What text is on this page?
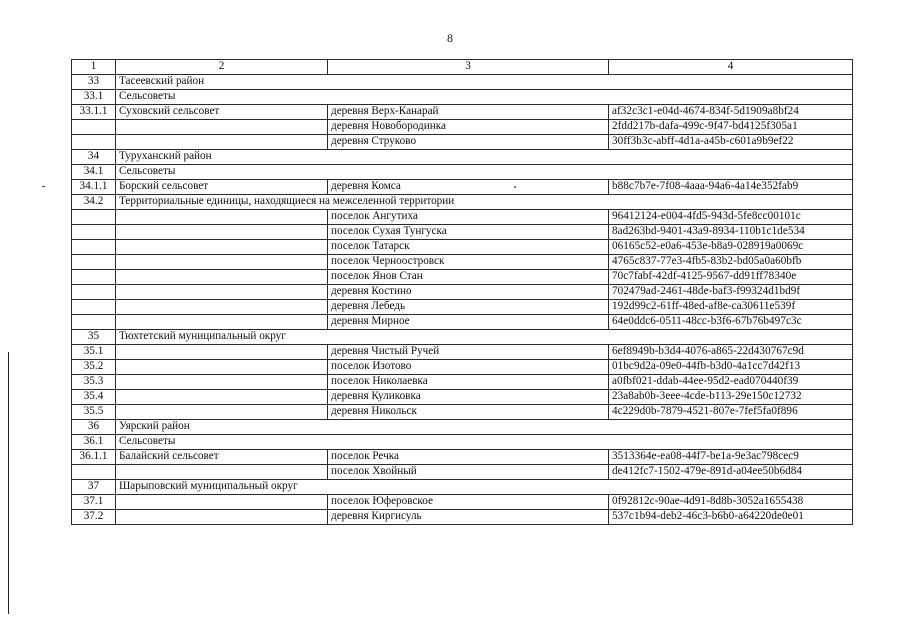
8
1	2	3	4
33	Тасеевский район		
33.1	Сельсоветы		
33.1.1	Суховский сельсовет	деревня Верх-Канарай	af32c3c1-e04d-4674-834f-5d1909a8bf24
		деревня Новобородинка	2fdd217b-dafa-499c-9f47-bd4125f305a1
		деревня Струково	30ff3b3c-abff-4d1a-a45b-c601a9b9ef22
34	Туруханский район		
34.1	Сельсоветы		
34.1.1	Борский сельсовет	деревня Комса	b88c7b7e-7f08-4aaa-94a6-4a14e352fab9
34.2	Территориальные единицы, находящиеся на межселенной территории		
		поселок Ангутиха	96412124-e004-4fd5-943d-5fe8cc00101c
		поселок Сухая Тунгуска	8ad263bd-9401-43a9-8934-110b1c1de534
		поселок Татарск	06165c52-e0a6-453e-b8a9-028919a0069c
		поселок Черноостровск	4765c837-77e3-4fb5-83b2-bd05a0a60bfb
		поселок Янов Стан	70c7fabf-42df-4125-9567-dd91ff78340e
		деревня Костино	702479ad-2461-48de-baf3-f99324d1bd9f
		деревня Лебедь	192d99c2-61ff-48ed-af8e-ca30611e539f
		деревня Мирное	64e0ddc6-0511-48cc-b3f6-67b76b497c3c
35	Тюхтетский муниципальный округ		
35.1		деревня Чистый Ручей	6ef8949b-b3d4-4076-a865-22d430767c9d
35.2		поселок Изотово	01bc9d2a-09e0-44fb-b3d0-4a1cc7d42f13
35.3		поселок Николаевка	a0fbf021-ddab-44ee-95d2-ead070440f39
35.4		деревня Куликовка	23a8ab0b-3eee-4cde-b113-29e150c12732
35.5		деревня Никольск	4c229d0b-7879-4521-807e-7fef5fa0f896
36	Уярский район		
36.1	Сельсоветы		
36.1.1	Балайский сельсовет	поселок Речка	3513364e-ea08-44f7-be1a-9e3ac798cec9
		поселок Хвойный	de412fc7-1502-479e-891d-a04ee50b6d84
37	Шарыповский муниципальный округ		
37.1		поселок Юферовское	0f92812c-90ae-4d91-8d8b-3052a1655438
37.2		деревня Киргисуль	537c1b94-deb2-46c3-b6b0-a64220de0e01
